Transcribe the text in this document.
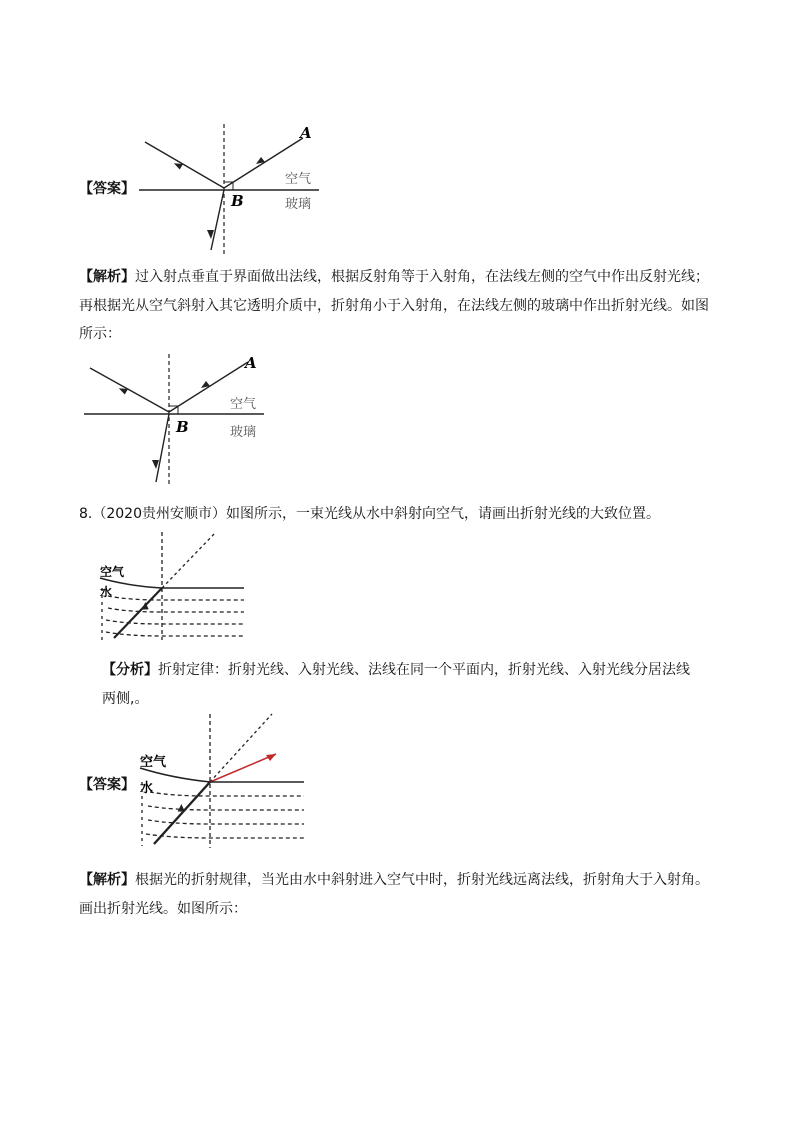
【答案】
A
B
空气
玻璃
【解析】过入射点垂直于界面做出法线，根据反射角等于入射角，在法线左侧的空气中作出反射光线；再根据光从空气斜射入其它透明介质中，折射角小于入射角，在法线左侧的玻璃中作出折射光线。如图所示：
A
B
空气
玻璃
8.（2020贵州安顺市）如图所示，一束光线从水中斜射向空气，请画出折射光线的大致位置。
空气
水
【分析】折射定律：折射光线、入射光线、法线在同一个平面内，折射光线、入射光线分居法线两侧,。
【答案】
空气
水
【解析】根据光的折射规律，当光由水中斜射进入空气中时，折射光线远离法线，折射角大于入射角。画出折射光线。如图所示：
